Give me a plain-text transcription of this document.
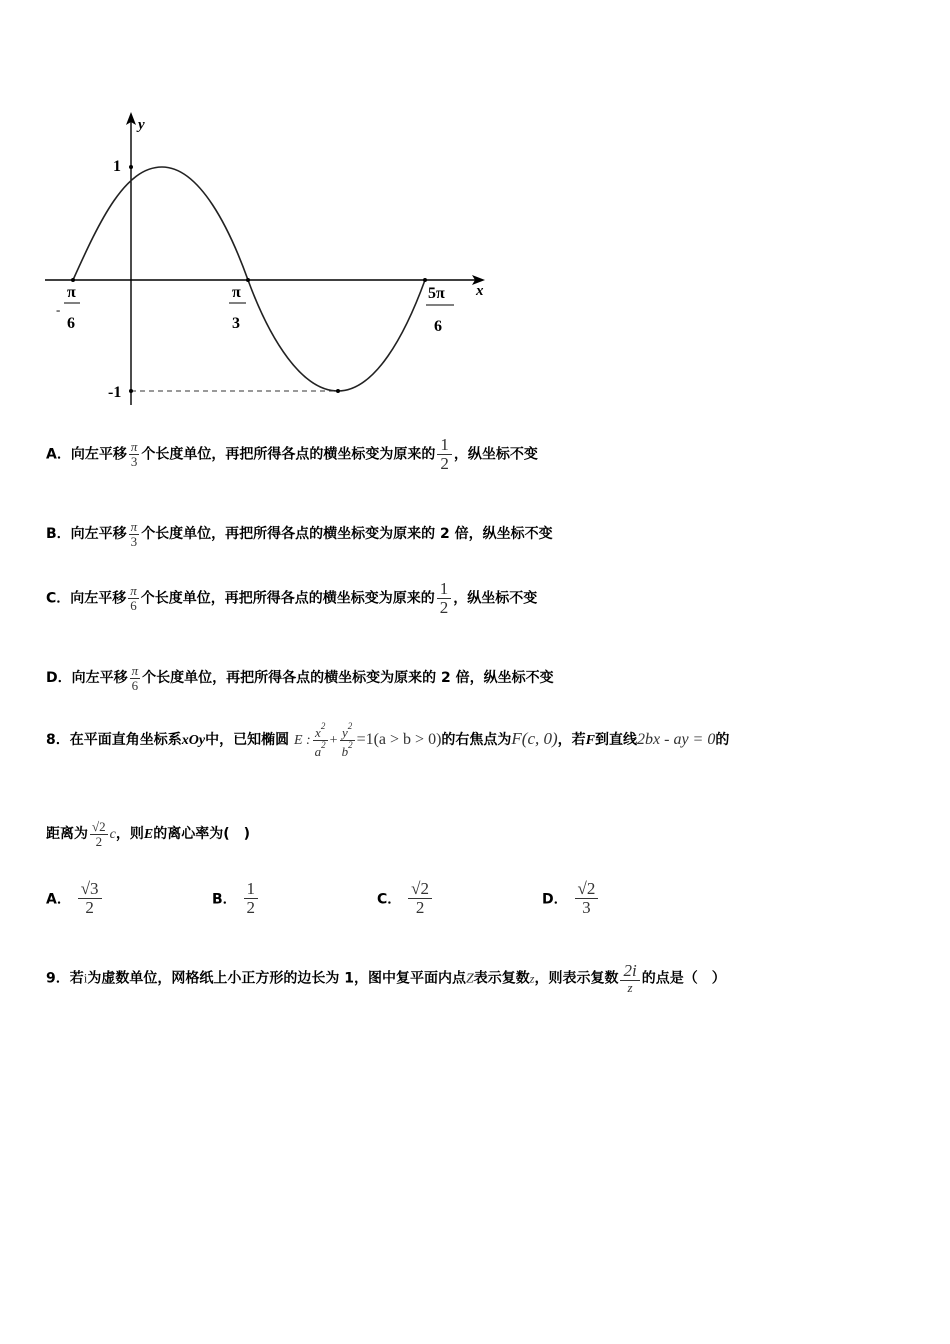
y
x
1
-1
-
π
6
π
3
5π
6
A．向左平移 $\frac{\pi}{3}$ 个长度单位，再把所得各点的横坐标变为原来的 $\frac{1}{2}$ ，纵坐标不变
B．向左平移 $\frac{\pi}{3}$ 个长度单位，再把所得各点的横坐标变为原来的 2 倍，纵坐标不变
C．向左平移 $\frac{\pi}{6}$ 个长度单位，再把所得各点的横坐标变为原来的 $\frac{1}{2}$ ，纵坐标不变
D．向左平移 $\frac{\pi}{6}$ 个长度单位，再把所得各点的横坐标变为原来的 2 倍，纵坐标不变
8．在平面直角坐标系xOy中，已知椭圆 E : $\frac{x^2}{a^2} + \frac{y^2}{b^2} =1(a > b > 0)$的右焦点为F(c, 0)，若F到直线2bx - ay = 0的
距离为 $\frac{√2}{2}$ c，则E的离心率为(　)
A． $\frac{√3}{2}$	B． $\frac{1}{2}$	C． $\frac{√2}{2}$	D． $\frac{√2}{3}$
9．若i为虚数单位，网格纸上小正方形的边长为 1，图中复平面内点Z表示复数z，则表示复数 $\frac{2i}{z}$ 的点是（　）
